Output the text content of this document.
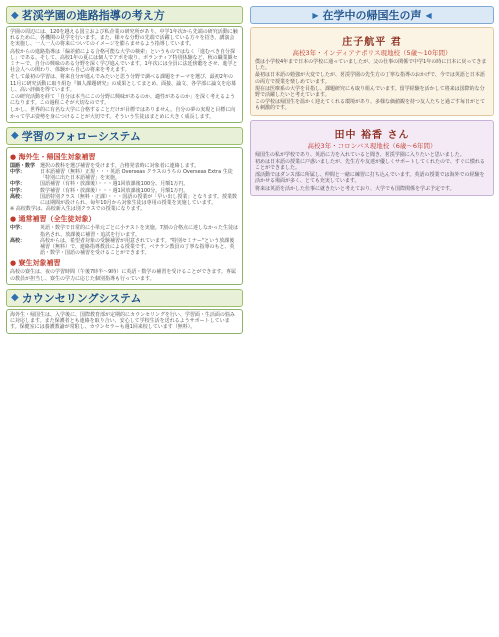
◆ 茗渓学園の進路指導の考え方

学園の周辺には、120を越える国立および私企業の研究所があり、中学1年次から先端の研究活動に触れるために、各機関の見学を行います。また、様々な分野の先端で活躍している方々を招き、講演会を実施し、一人一人の将来についてのイメージを膨らませるよう指導しています。

高校からの進路指導は「偏差値による合格可能な大学の検索」というものではなく「進むべき自分探し」である。そして、高校1年の夏には個人でアポを取り、ボランティア特別体験など、秋の職業観セミナーで、自分の興味のある分野を深く学び進んでいます。1年次には全員に法廷傍聴をさせ、進学と社会人への関わり、体験から自己の将来を考えます。

そして最初の学習は、将来自分が進んでみたいと思う分野で調べる課題をテーマを選び、最初2年の11月に研究活動に取り組む『個人課題研究』の成果としてまとめ、面接、論文、各学部に論文を応募し、高い評価を得ています。

この研究活動を経て「自分は本当にこの分野に興味があるのか、適性があるのか」を深く考えるようになります。この過程こそが大切なのです。

しかし、世界的に有名な大学に合格することだけが目標ではありません。自分の夢の実現と目標に向かって学ぶ姿勢を身につけることが大切です。そういう生徒はまとめに大きく成長します。

◆ 学習のフォローシステム
● 海外生・帰国生対象補習
国語・数学 選択の教科を選び補習を受けます。合格発表時に対象者に連絡します。
中学：	日本語補習（無料）正規・・・英語 Overseas クラスのうちの Overseas Extra 生徒「特別に出た日本語補習」を実施。
中学：	国語補習（有料・放課後）・・・週1回放課後100分。月額1万円。
中学：	数学補習（有料・放課後）・・・週1回放課後100分。月額1万円。
高校：	国語特別クラス（無料・正課）・・・国語の授業が「早い出し授業」となります。授業数には期間が設けられ、毎年10月から対象生徒は専用の授業を実施しています。

※ 高校数学は、高校新入生は別クラスでの授業になります。

● 通常補習（全生徒対象）
中学：	英語・数学で日常的に小単元ごとに小テストを実施。7割の合格点に達しなかった生徒は指名され、放課後に補習・追試を行います。
高校：	高校からは、希望者対象の受験補習が用意されています。"特別セミナー"という放課後補習（無料）で、連絡指導教員による授業です。ベテラン教員の丁寧な指導のもと、英語・数学・国語の補習を受けることができます。
● 寮生対象補習
高校の寮生は、夜の学習時間（午後7時半〜9時）に英語・数学の補習を受けることができます。専属の教員が担当し、寮生の学力に応じた個別指導も行っています。
◆ カウンセリングシステム

海外生・帰国生は、入学後に、国際教育部が定期的にカウンセリングを行い、学習面・生活面の悩みに対応します。また保護者とも連絡を取り合い、安心して学校生活を送れるようサポートしています。保健室には養護教諭が常駐し、カウンセラーも週1回来校しています（無料）。

▶ 在学中の帰国生の声 ◀
庄子航平 君
高校3年・インディアナポリス現地校（5歳〜10年間）

僕は小学校4年まで日本の学校に通っていましたが、父の仕事の関係で中学1年の時に日本に戻ってきました。

最初は日本語の勉強が大変でしたが、茗渓学園の先生方の丁寧な指導のおかげで、今では英語と日本語の両方で授業を楽しめています。

現在は医療系の大学を目指し、課題研究にも取り組んでいます。留学経験を活かして将来は国際的な分野で活躍したいと考えています。

この学校は帰国生を温かく迎えてくれる環境があり、多様な価値観を持つ友人たちと過ごす毎日がとても刺激的です。

田中 裕香 さん
高校3年・コロンバス現地校（6歳〜6年間）

帰国生の私が学校であり、英語に力を入れていると聞き、茗渓学園に入りたいと思いました。

初めは日本語の授業に戸惑いましたが、先生方や友達が優しくサポートしてくれたので、すぐに慣れることができました。

部活動ではダンス部に所属し、仲間と一緒に練習に打ち込んでいます。英語の授業では海外での経験を活かせる場面が多く、とても充実しています。

将来は英語を活かした仕事に就きたいと考えており、大学でも国際関係を学ぶ予定です。
